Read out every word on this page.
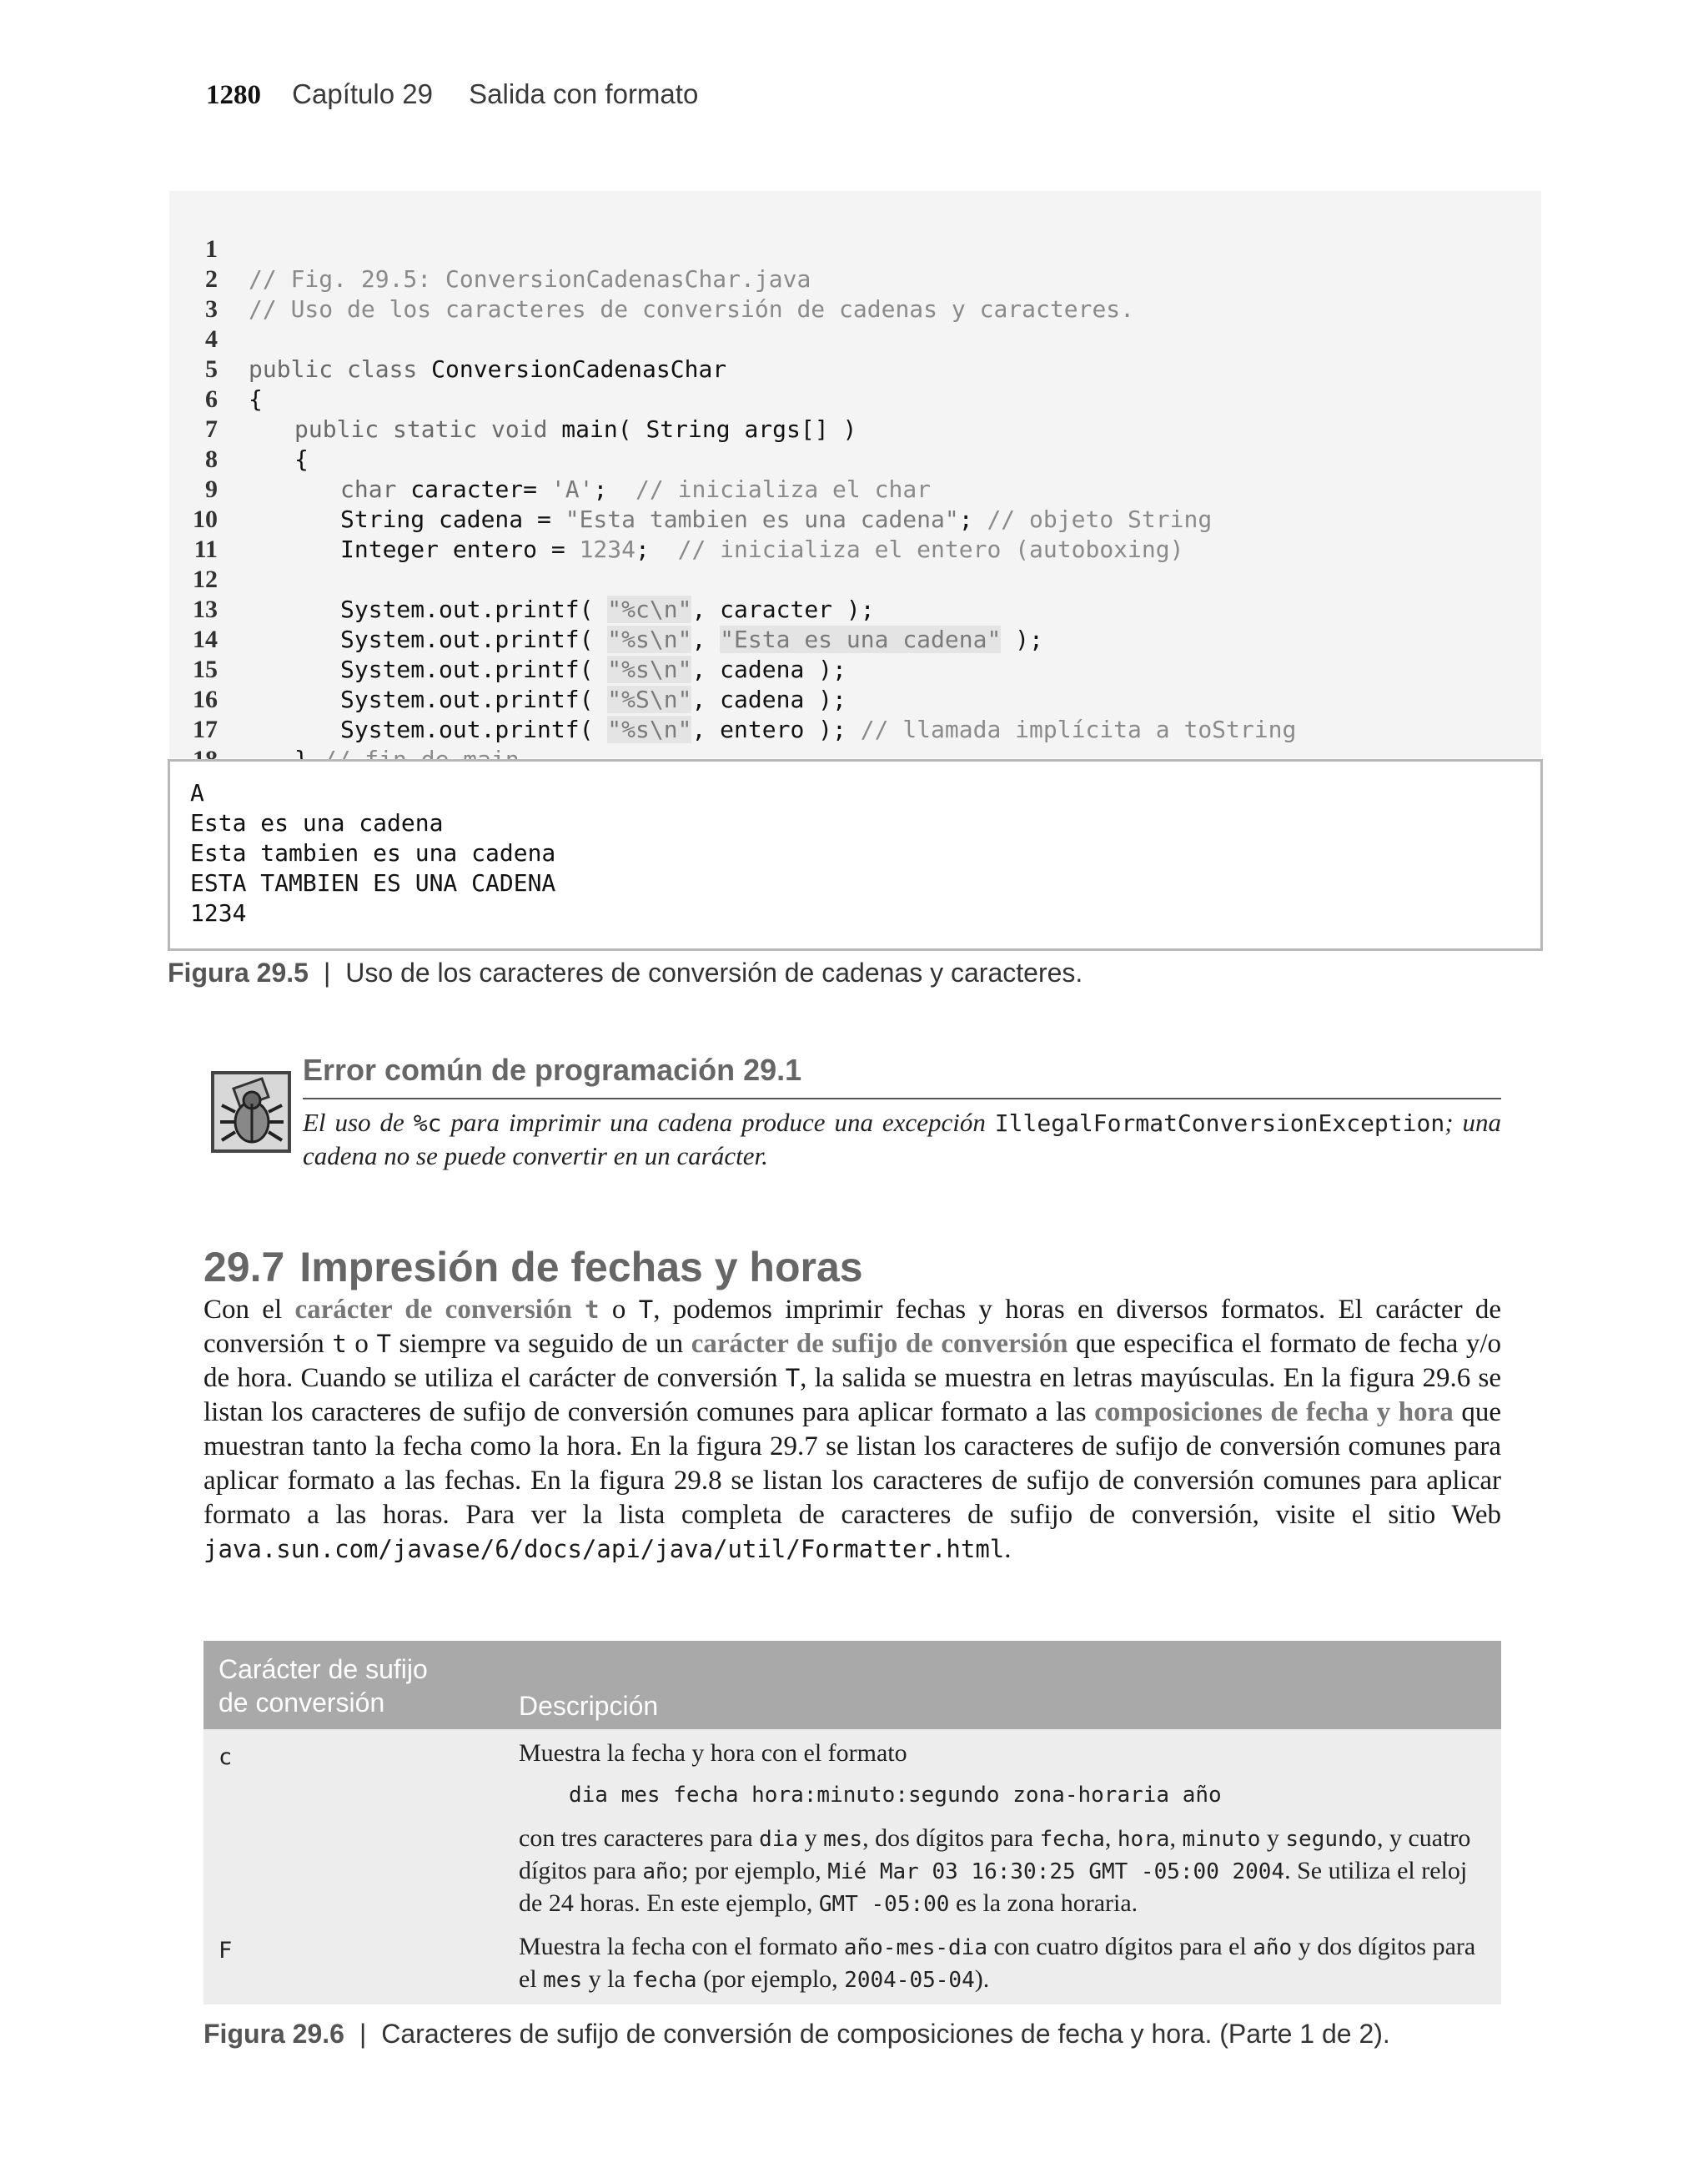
1280 Capítulo 29 Salida con formato

1

// Fig. 29.5: ConversionCadenasChar.java

2

// Uso de los caracteres de conversión de cadenas y caracteres.

3

4

public class ConversionCadenasChar

5

{

6

public static void main( String args[] )

7

{

8

char caracter= 'A'; // inicializa el char

9

String cadena = "Esta tambien es una cadena"; // objeto String

10

Integer entero = 1234; // inicializa el entero (autoboxing)

11

12

System.out.printf( "%c\n", caracter );

13

System.out.printf( "%s\n", "Esta es una cadena" );

14

System.out.printf( "%s\n", cadena );

15

System.out.printf( "%S\n", cadena );

16

System.out.printf( "%s\n", entero ); // llamada implícita a toString

17

A
Esta es una cadena
Esta tambien es una cadena
ESTA TAMBIEN ES UNA CADENA
1234
Figura 29.5 | Uso de los caracteres de conversión de cadenas y caracteres.
Error común de programación 29.1
El uso de %c para imprimir una cadena produce una excepción IllegalFormatConversionException; una cadena no se puede convertir en un carácter.
29.7 Impresión de fechas y horas
Con el carácter de conversión t o T, podemos imprimir fechas y horas en diversos formatos. El carácter de conversión t o T siempre va seguido de un carácter de sufijo de conversión que especifica el formato de fecha y/o de hora. Cuando se utiliza el carácter de conversión T, la salida se muestra en letras mayúsculas. En la figura 29.6 se listan los caracteres de sufijo de conversión comunes para aplicar formato a las composiciones de fecha y hora que muestran tanto la fecha como la hora. En la figura 29.7 se listan los caracteres de sufijo de conversión comunes para aplicar formato a las fechas. En la figura 29.8 se listan los caracteres de sufijo de conversión comunes para aplicar formato a las horas. Para ver la lista completa de caracteres de sufijo de conversión, visite el sitio Web java.sun.com/javase/6/docs/api/java/util/Formatter.html.
Carácter de sufijo
de conversión	Descripción
c	Muestra la fecha y hora con el formato
dia mes fecha hora:minuto:segundo zona-horaria año
con tres caracteres para dia y mes, dos dígitos para fecha, hora, minuto y segundo, y cuatro dígitos para año; por ejemplo, Mié Mar 03 16:30:25 GMT -05:00 2004. Se utiliza el reloj de 24 horas. En este ejemplo, GMT -05:00 es la zona horaria.
F	Muestra la fecha con el formato año-mes-dia con cuatro dígitos para el año y dos dígitos para el mes y la fecha (por ejemplo, 2004-05-04).
Figura 29.6 | Caracteres de sufijo de conversión de composiciones de fecha y hora. (Parte 1 de 2).
